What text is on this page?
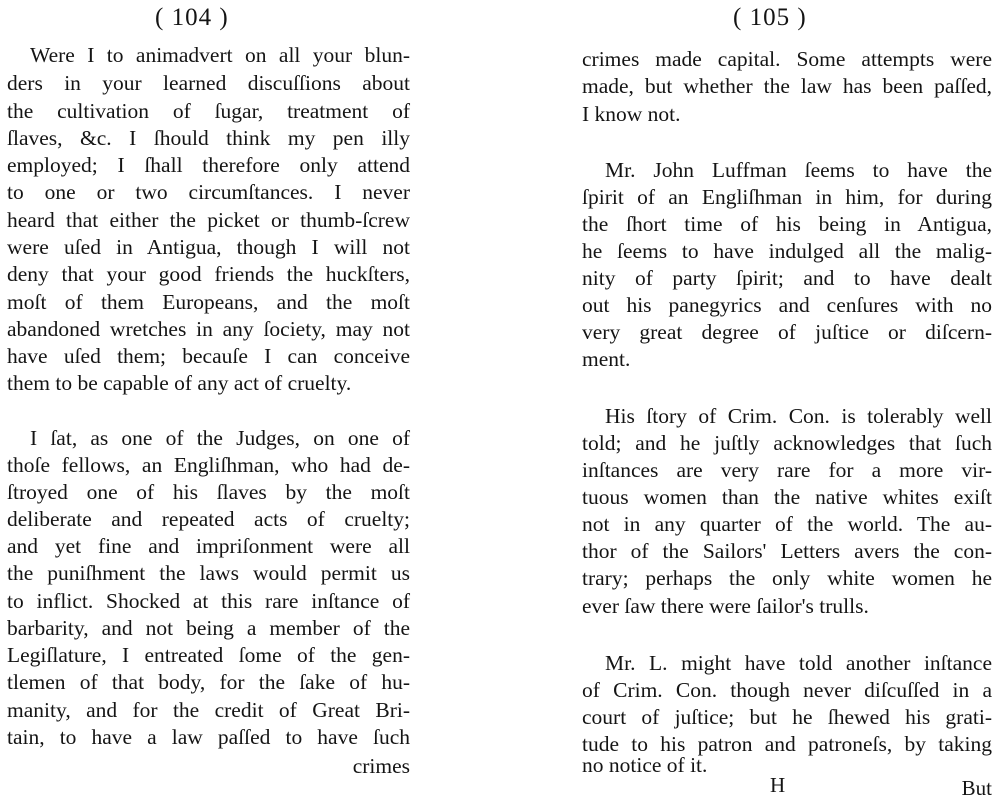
( 104 )
Were I to animadvert on all your blun-
ders in your learned discuſſions about
the cultivation of ſugar, treatment of
ſlaves, &c. I ſhould think my pen illy
employed; I ſhall therefore only attend
to one or two circumſtances. I never
heard that either the picket or thumb-ſcrew
were uſed in Antigua, though I will not
deny that your good friends the huckſters,
moſt of them Europeans, and the moſt
abandoned wretches in any ſociety, may not
have uſed them; becauſe I can conceive
them to be capable of any act of cruelty.
I ſat, as one of the Judges, on one of
thoſe fellows, an Engliſhman, who had de-
ſtroyed one of his ſlaves by the moſt
deliberate and repeated acts of cruelty;
and yet fine and impriſonment were all
the puniſhment the laws would permit us
to inflict. Shocked at this rare inſtance of
barbarity, and not being a member of the
Legiſlature, I entreated ſome of the gen-
tlemen of that body, for the ſake of hu-
manity, and for the credit of Great Bri-
tain, to have a law paſſed to have ſuch
crimes
( 105 )
crimes made capital. Some attempts were
made, but whether the law has been paſſed,
I know not.
Mr. John Luffman ſeems to have the
ſpirit of an Engliſhman in him, for during
the ſhort time of his being in Antigua,
he ſeems to have indulged all the malig-
nity of party ſpirit; and to have dealt
out his panegyrics and cenſures with no
very great degree of juſtice or diſcern-
ment.
His ſtory of Crim. Con. is tolerably well
told; and he juſtly acknowledges that ſuch
inſtances are very rare for a more vir-
tuous women than the native whites exiſt
not in any quarter of the world. The au-
thor of the Sailors' Letters avers the con-
trary; perhaps the only white women he
ever ſaw there were ſailor's trulls.
Mr. L. might have told another inſtance
of Crim. Con. though never diſcuſſed in a
court of juſtice; but he ſhewed his grati-
tude to his patron and patroneſs, by taking
no notice of it.
H	But
